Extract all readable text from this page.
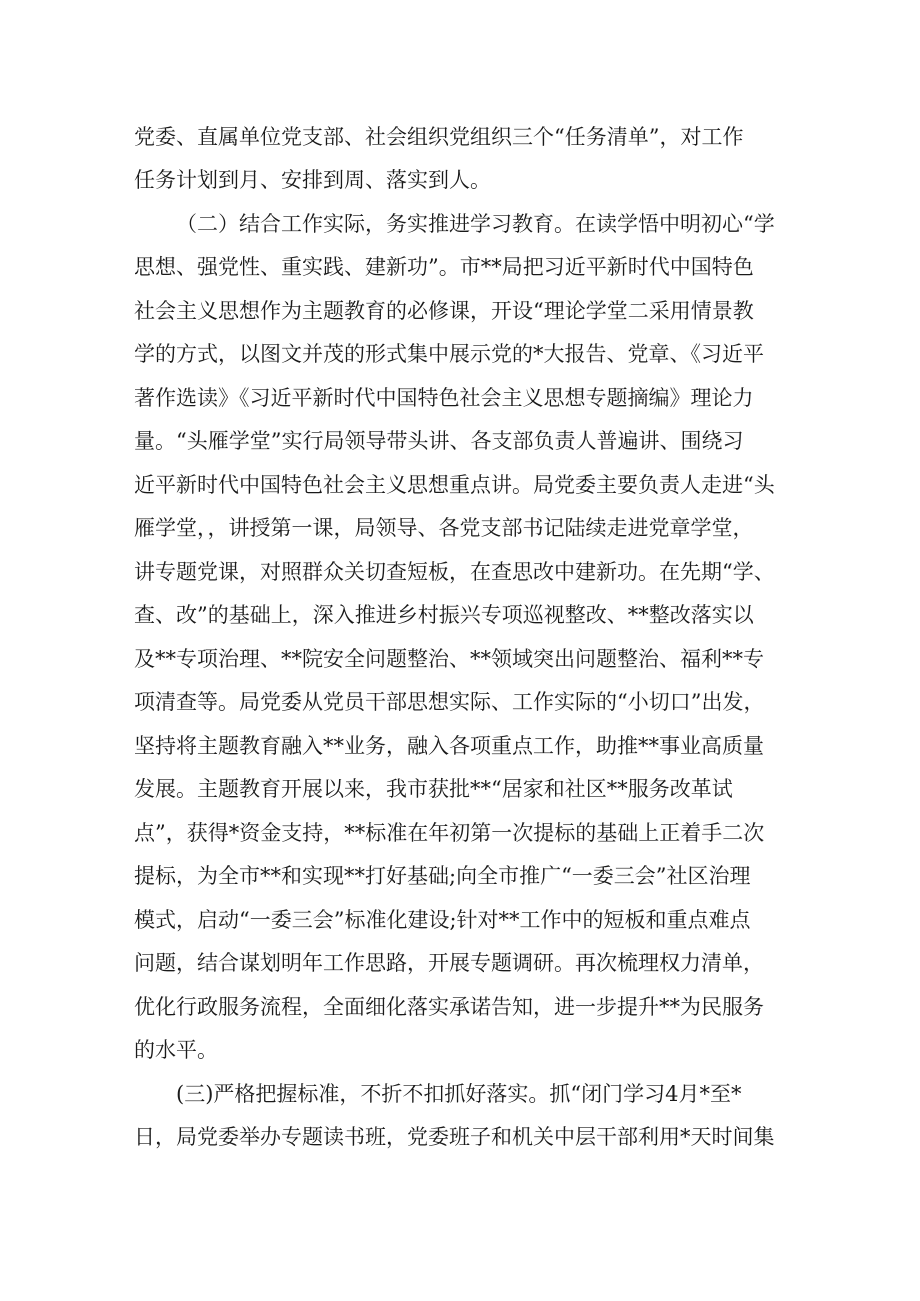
党委、直属单位党支部、社会组织党组织三个“任务清单”，对工作
任务计划到月、安排到周、落实到人。
（二）结合工作实际，务实推进学习教育。在读学悟中明初心“学
思想、强党性、重实践、建新功”。市**局把习近平新时代中国特色
社会主义思想作为主题教育的必修课，开设“理论学堂二采用情景教
学的方式，以图文并茂的形式集中展示党的*大报告、党章、《习近平
著作选读》《习近平新时代中国特色社会主义思想专题摘编》理论力
量。“头雁学堂”实行局领导带头讲、各支部负责人普遍讲、围绕习
近平新时代中国特色社会主义思想重点讲。局党委主要负责人走进“头
雁学堂，，讲授第一课，局领导、各党支部书记陆续走进党章学堂，
讲专题党课，对照群众关切查短板，在查思改中建新功。在先期“学、
查、改”的基础上，深入推进乡村振兴专项巡视整改、**整改落实以
及**专项治理、**院安全问题整治、**领域突出问题整治、福利**专
项清查等。局党委从党员干部思想实际、工作实际的“小切口”出发，
坚持将主题教育融入**业务，融入各项重点工作，助推**事业高质量
发展。主题教育开展以来，我市获批**“居家和社区**服务改革试
点”，获得*资金支持，**标准在年初第一次提标的基础上正着手二次
提标，为全市**和实现**打好基础;向全市推广“一委三会”社区治理
模式，启动“一委三会”标准化建设;针对**工作中的短板和重点难点
问题，结合谋划明年工作思路，开展专题调研。再次梳理权力清单，
优化行政服务流程，全面细化落实承诺告知，进一步提升**为民服务
的水平。
(三)严格把握标准，不折不扣抓好落实。抓“闭门学习4月*至*
日，局党委举办专题读书班，党委班子和机关中层干部利用*天时间集
